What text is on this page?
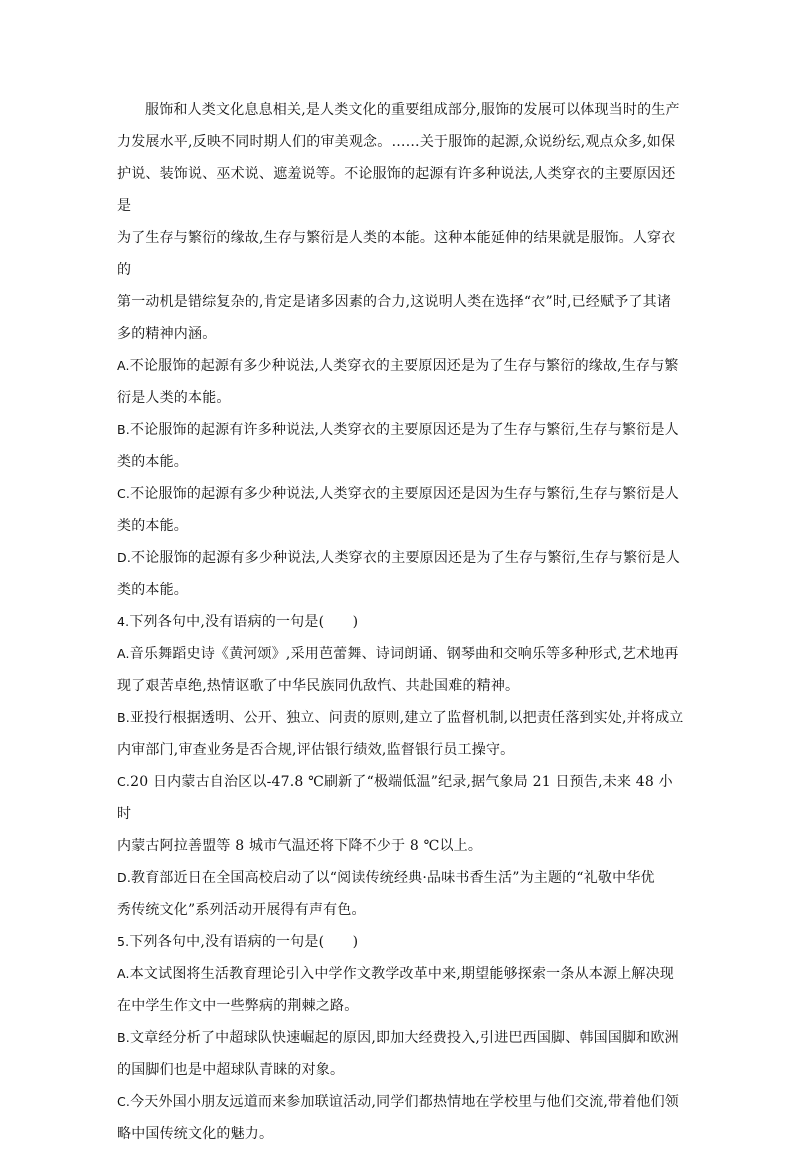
服饰和人类文化息息相关,是人类文化的重要组成部分,服饰的发展可以体现当时的生产

力发展水平,反映不同时期人们的审美观念。……关于服饰的起源,众说纷纭,观点众多,如保

护说、装饰说、巫术说、遮羞说等。不论服饰的起源有许多种说法,人类穿衣的主要原因还是

为了生存与繁衍的缘故,生存与繁衍是人类的本能。这种本能延伸的结果就是服饰。人穿衣的

第一动机是错综复杂的,肯定是诸多因素的合力,这说明人类在选择“衣”时,已经赋予了其诸

多的精神内涵。

A.不论服饰的起源有多少种说法,人类穿衣的主要原因还是为了生存与繁衍的缘故,生存与繁

衍是人类的本能。

B.不论服饰的起源有许多种说法,人类穿衣的主要原因还是为了生存与繁衍,生存与繁衍是人

类的本能。

C.不论服饰的起源有多少种说法,人类穿衣的主要原因还是因为生存与繁衍,生存与繁衍是人

类的本能。

D.不论服饰的起源有多少种说法,人类穿衣的主要原因还是为了生存与繁衍,生存与繁衍是人

类的本能。

4.下列各句中,没有语病的一句是(　　)

A.音乐舞蹈史诗《黄河颂》,采用芭蕾舞、诗词朗诵、钢琴曲和交响乐等多种形式,艺术地再

现了艰苦卓绝,热情讴歌了中华民族同仇敌忾、共赴国难的精神。

B.亚投行根据透明、公开、独立、问责的原则,建立了监督机制,以把责任落到实处,并将成立

内审部门,审查业务是否合规,评估银行绩效,监督银行员工操守。

C.20 日内蒙古自治区以-47.8 ℃刷新了“极端低温”纪录,据气象局 21 日预告,未来 48 小时

内蒙古阿拉善盟等 8 城市气温还将下降不少于 8 ℃以上。

D.教育部近日在全国高校启动了以“阅读传统经典·品味书香生活”为主题的“礼敬中华优

秀传统文化”系列活动开展得有声有色。

5.下列各句中,没有语病的一句是(　　)

A.本文试图将生活教育理论引入中学作文教学改革中来,期望能够探索一条从本源上解决现

在中学生作文中一些弊病的荆棘之路。

B.文章经分析了中超球队快速崛起的原因,即加大经费投入,引进巴西国脚、韩国国脚和欧洲

的国脚们也是中超球队青睐的对象。

C.今天外国小朋友远道而来参加联谊活动,同学们都热情地在学校里与他们交流,带着他们领

略中国传统文化的魅力。
